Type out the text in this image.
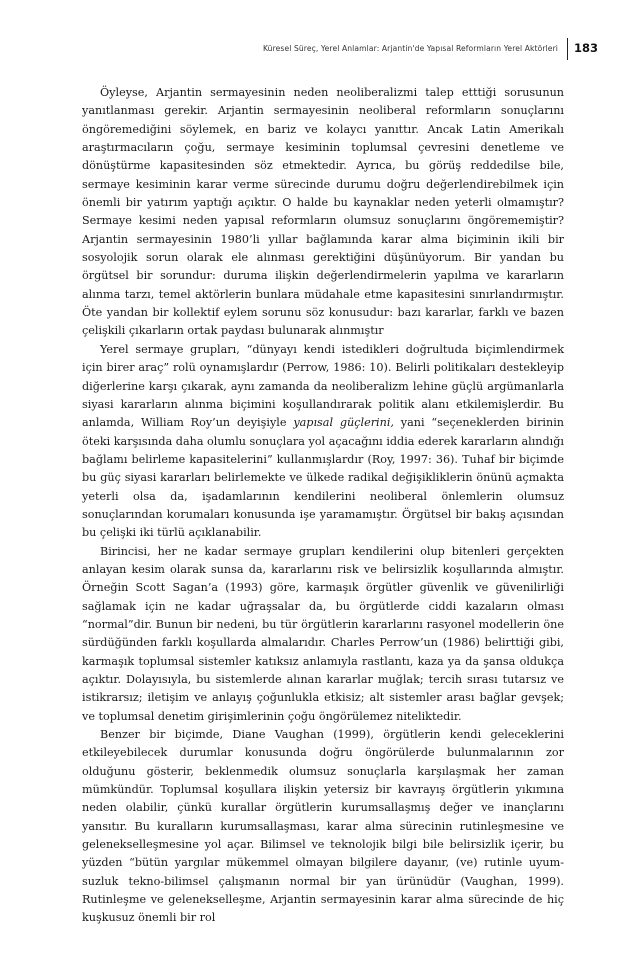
Küresel Süreç, Yerel Anlamlar: Arjantin'de Yapısal Reformların Yerel Aktörleri 183

Öyleyse, Arjantin sermayesinin neden neoliberalizmi talep etttiği sorusunun yanıtlanması gerekir. Arjantin sermayesinin neoliberal reformların sonuçlarını öngöremediğini söylemek, en bariz ve kolaycı yanıttır. Ancak Latin Amerikalı araştırmacıların çoğu, sermaye kesiminin toplumsal çevresini denetleme ve dönüştürme kapasitesinden söz etmektedir. Ayrıca, bu görüş reddedilse bile, sermaye kesiminin karar verme sürecinde durumu doğru değerlendirebilmek için önemli bir yatırım yaptığı açıktır. O halde bu kaynaklar neden yeterli olmamıştır? Sermaye kesimi neden yapısal reformların olumsuz sonuçlarını öngörememiştir? Arjantin sermayesinin 1980’li yıllar bağlamında karar alma biçiminin ikili bir sosyolojik sorun olarak ele alınması gerektiğini düşünüyorum. Bir yandan bu örgütsel bir sorundur: duruma ilişkin değerlendirmelerin yapılma ve kararların alınma tarzı, temel aktörlerin bunlara müdahale etme kapasitesini sınırlandırmıştır. Öte yandan bir kollektif eylem sorunu söz konusudur: bazı kararlar, farklı ve bazen çelişkili çıkarların ortak paydası bulunarak alınmıştır

Yerel sermaye grupları, “dünyayı kendi istedikleri doğrultuda biçimlendirmek için birer araç” rolü oynamışlardır (Perrow, 1986: 10). Belirli politikaları destekleyip diğerlerine karşı çıkarak, aynı zamanda da neoliberalizm lehine güçlü argümanlarla siyasi kararların alınma biçimini koşullandırarak politik alanı etkilemişlerdir. Bu anlamda, William Roy’un deyişiyle yapısal güçlerini, yani “seçeneklerden birinin öteki karşısında daha olumlu sonuçlara yol açacağını iddia ederek kararların alındığı bağlamı belirleme kapasitelerini” kullanmışlardır (Roy, 1997: 36). Tuhaf bir biçimde bu güç siyasi kararları belirlemekte ve ülkede radikal değişikliklerin önünü açmakta yeterli olsa da, işadamlarının kendilerini neoliberal önlemlerin olumsuz sonuçlarından korumaları konusunda işe yaramamıştır. Örgütsel bir bakış açısından bu çelişki iki türlü açıklanabilir.

Birincisi, her ne kadar sermaye grupları kendilerini olup bitenleri gerçekten anlayan kesim olarak sunsa da, kararlarını risk ve belirsizlik koşullarında almıştır. Örneğin Scott Sagan’a (1993) göre, karmaşık örgütler güvenlik ve güvenilirliği sağlamak için ne kadar uğraşsalar da, bu örgütlerde ciddi kazaların olması “normal”dir. Bunun bir nedeni, bu tür örgütlerin kararlarını rasyonel modellerin öne sürdüğünden farklı koşullarda almalarıdır. Charles Perrow’un (1986) belirttiği gibi, karmaşık toplumsal sistemler katıksız anlamıyla rastlantı, kaza ya da şansa oldukça açıktır. Dolayısıyla, bu sistemlerde alınan kararlar muğlak; tercih sırası tutarsız ve istikrarsız; iletişim ve anlayış çoğunlukla etkisiz; alt sistemler arası bağlar gevşek; ve toplumsal denetim girişimlerinin çoğu öngörülemez niteliktedir.

Benzer bir biçimde, Diane Vaughan (1999), örgütlerin kendi geleceklerini etkileyebilecek durumlar konusunda doğru öngörülerde bulunmalarının zor olduğunu gösterir, beklenmedik olumsuz sonuçlarla karşılaşmak her zaman mümkündür. Toplumsal koşullara ilişkin yetersiz bir kavrayış örgütlerin yıkımına neden olabilir, çünkü kurallar örgütlerin kurumsallaşmış değer ve inançlarını yansıtır. Bu kuralların kurumsallaşması, karar alma sürecinin rutinleşmesine ve gelenekselleşmesine yol açar. Bilimsel ve teknolojik bilgi bile belirsizlik içerir, bu yüzden “bütün yargılar mükemmel olmayan bilgilere dayanır, (ve) rutinle uyumsuzluk tekno-bilimsel çalışmanın normal bir yan ürünüdür (Vaughan, 1999). Rutinleşme ve gelenekselleşme, Arjantin sermayesinin karar alma sürecinde de hiç kuşkusuz önemli bir rol
